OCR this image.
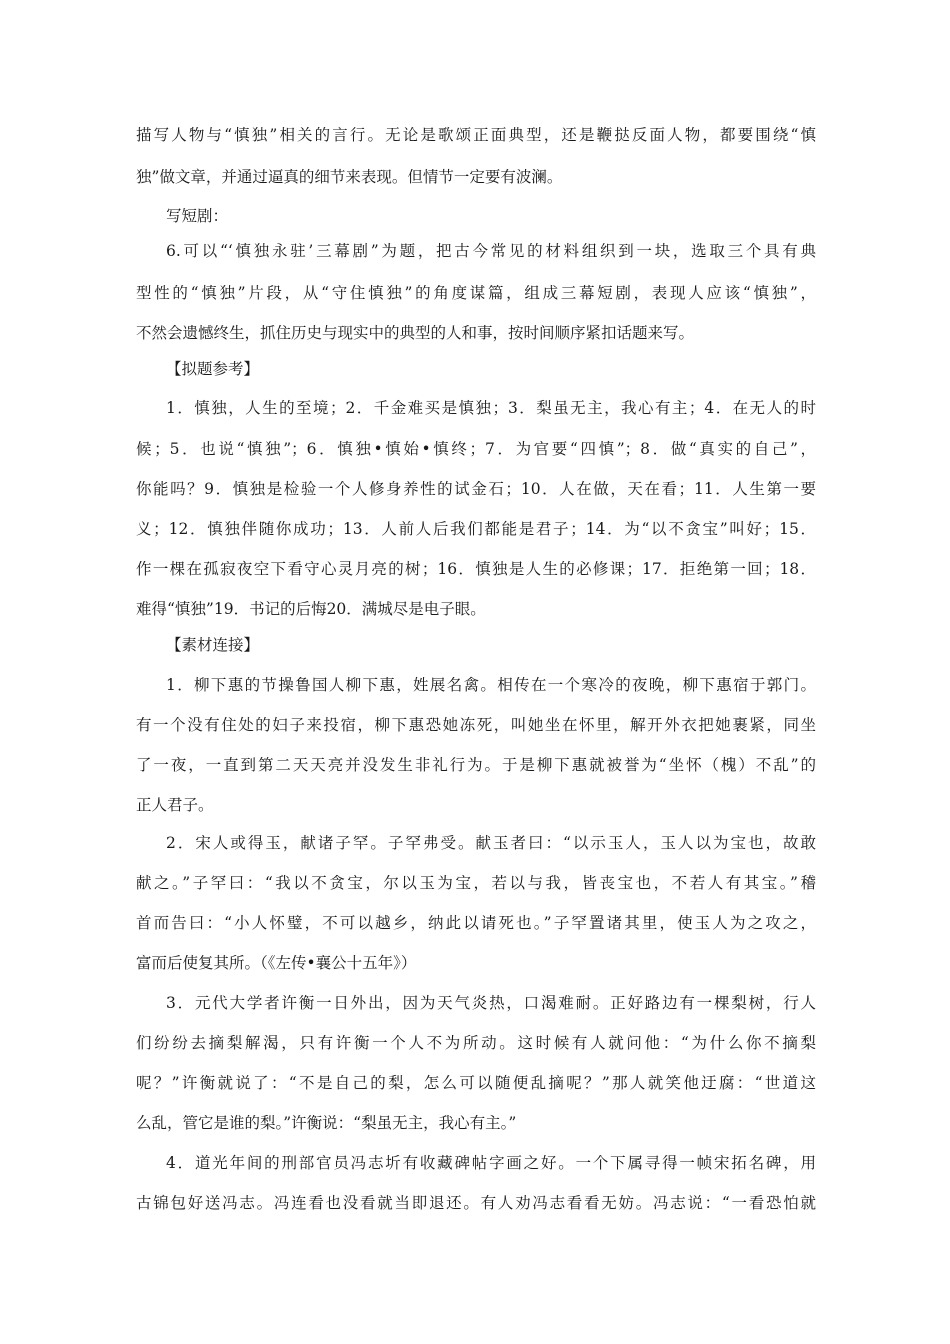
描写人物与“慎独”相关的言行。无论是歌颂正面典型，还是鞭挞反面人物，都要围绕“慎
独”做文章，并通过逼真的细节来表现。但情节一定要有波澜。
写短剧：
6.可以“‘慎独永驻’三幕剧”为题，把古今常见的材料组织到一块，选取三个具有典
型性的“慎独”片段，从“守住慎独”的角度谋篇，组成三幕短剧，表现人应该“慎独”，
不然会遗憾终生，抓住历史与现实中的典型的人和事，按时间顺序紧扣话题来写。
【拟题参考】
1．慎独，人生的至境；2．千金难买是慎独；3．梨虽无主，我心有主；4．在无人的时
候；5．也说“慎独”；6．慎独•慎始•慎终；7．为官要“四慎”；8．做“真实的自己”，
你能吗？9．慎独是检验一个人修身养性的试金石；10．人在做，天在看；11．人生第一要
义；12．慎独伴随你成功；13．人前人后我们都能是君子；14．为“以不贪宝”叫好；15．
作一棵在孤寂夜空下看守心灵月亮的树；16．慎独是人生的必修课；17．拒绝第一回；18．
难得“慎独”19．书记的后悔20．满城尽是电子眼。
【素材连接】
1．柳下惠的节操鲁国人柳下惠，姓展名禽。相传在一个寒冷的夜晚，柳下惠宿于郭门。
有一个没有住处的妇子来投宿，柳下惠恐她冻死，叫她坐在怀里，解开外衣把她裹紧，同坐
了一夜，一直到第二天天亮并没发生非礼行为。于是柳下惠就被誉为“坐怀（槐）不乱”的
正人君子。
2．宋人或得玉，献诸子罕。子罕弗受。献玉者曰：“以示玉人，玉人以为宝也，故敢
献之。”子罕曰：“我以不贪宝，尔以玉为宝，若以与我，皆丧宝也，不若人有其宝。”稽
首而告曰：“小人怀璧，不可以越乡，纳此以请死也。”子罕置诸其里，使玉人为之攻之，
富而后使复其所。（《左传•襄公十五年》）
3．元代大学者许衡一日外出，因为天气炎热，口渴难耐。正好路边有一棵梨树，行人
们纷纷去摘梨解渴，只有许衡一个人不为所动。这时候有人就问他：“为什么你不摘梨
呢？”许衡就说了：“不是自己的梨，怎么可以随便乱摘呢？”那人就笑他迂腐：“世道这
么乱，管它是谁的梨。”许衡说：“梨虽无主，我心有主。”
4．道光年间的刑部官员冯志圻有收藏碑帖字画之好。一个下属寻得一帧宋拓名碑，用
古锦包好送冯志。冯连看也没看就当即退还。有人劝冯志看看无妨。冯志说：“一看恐怕就
